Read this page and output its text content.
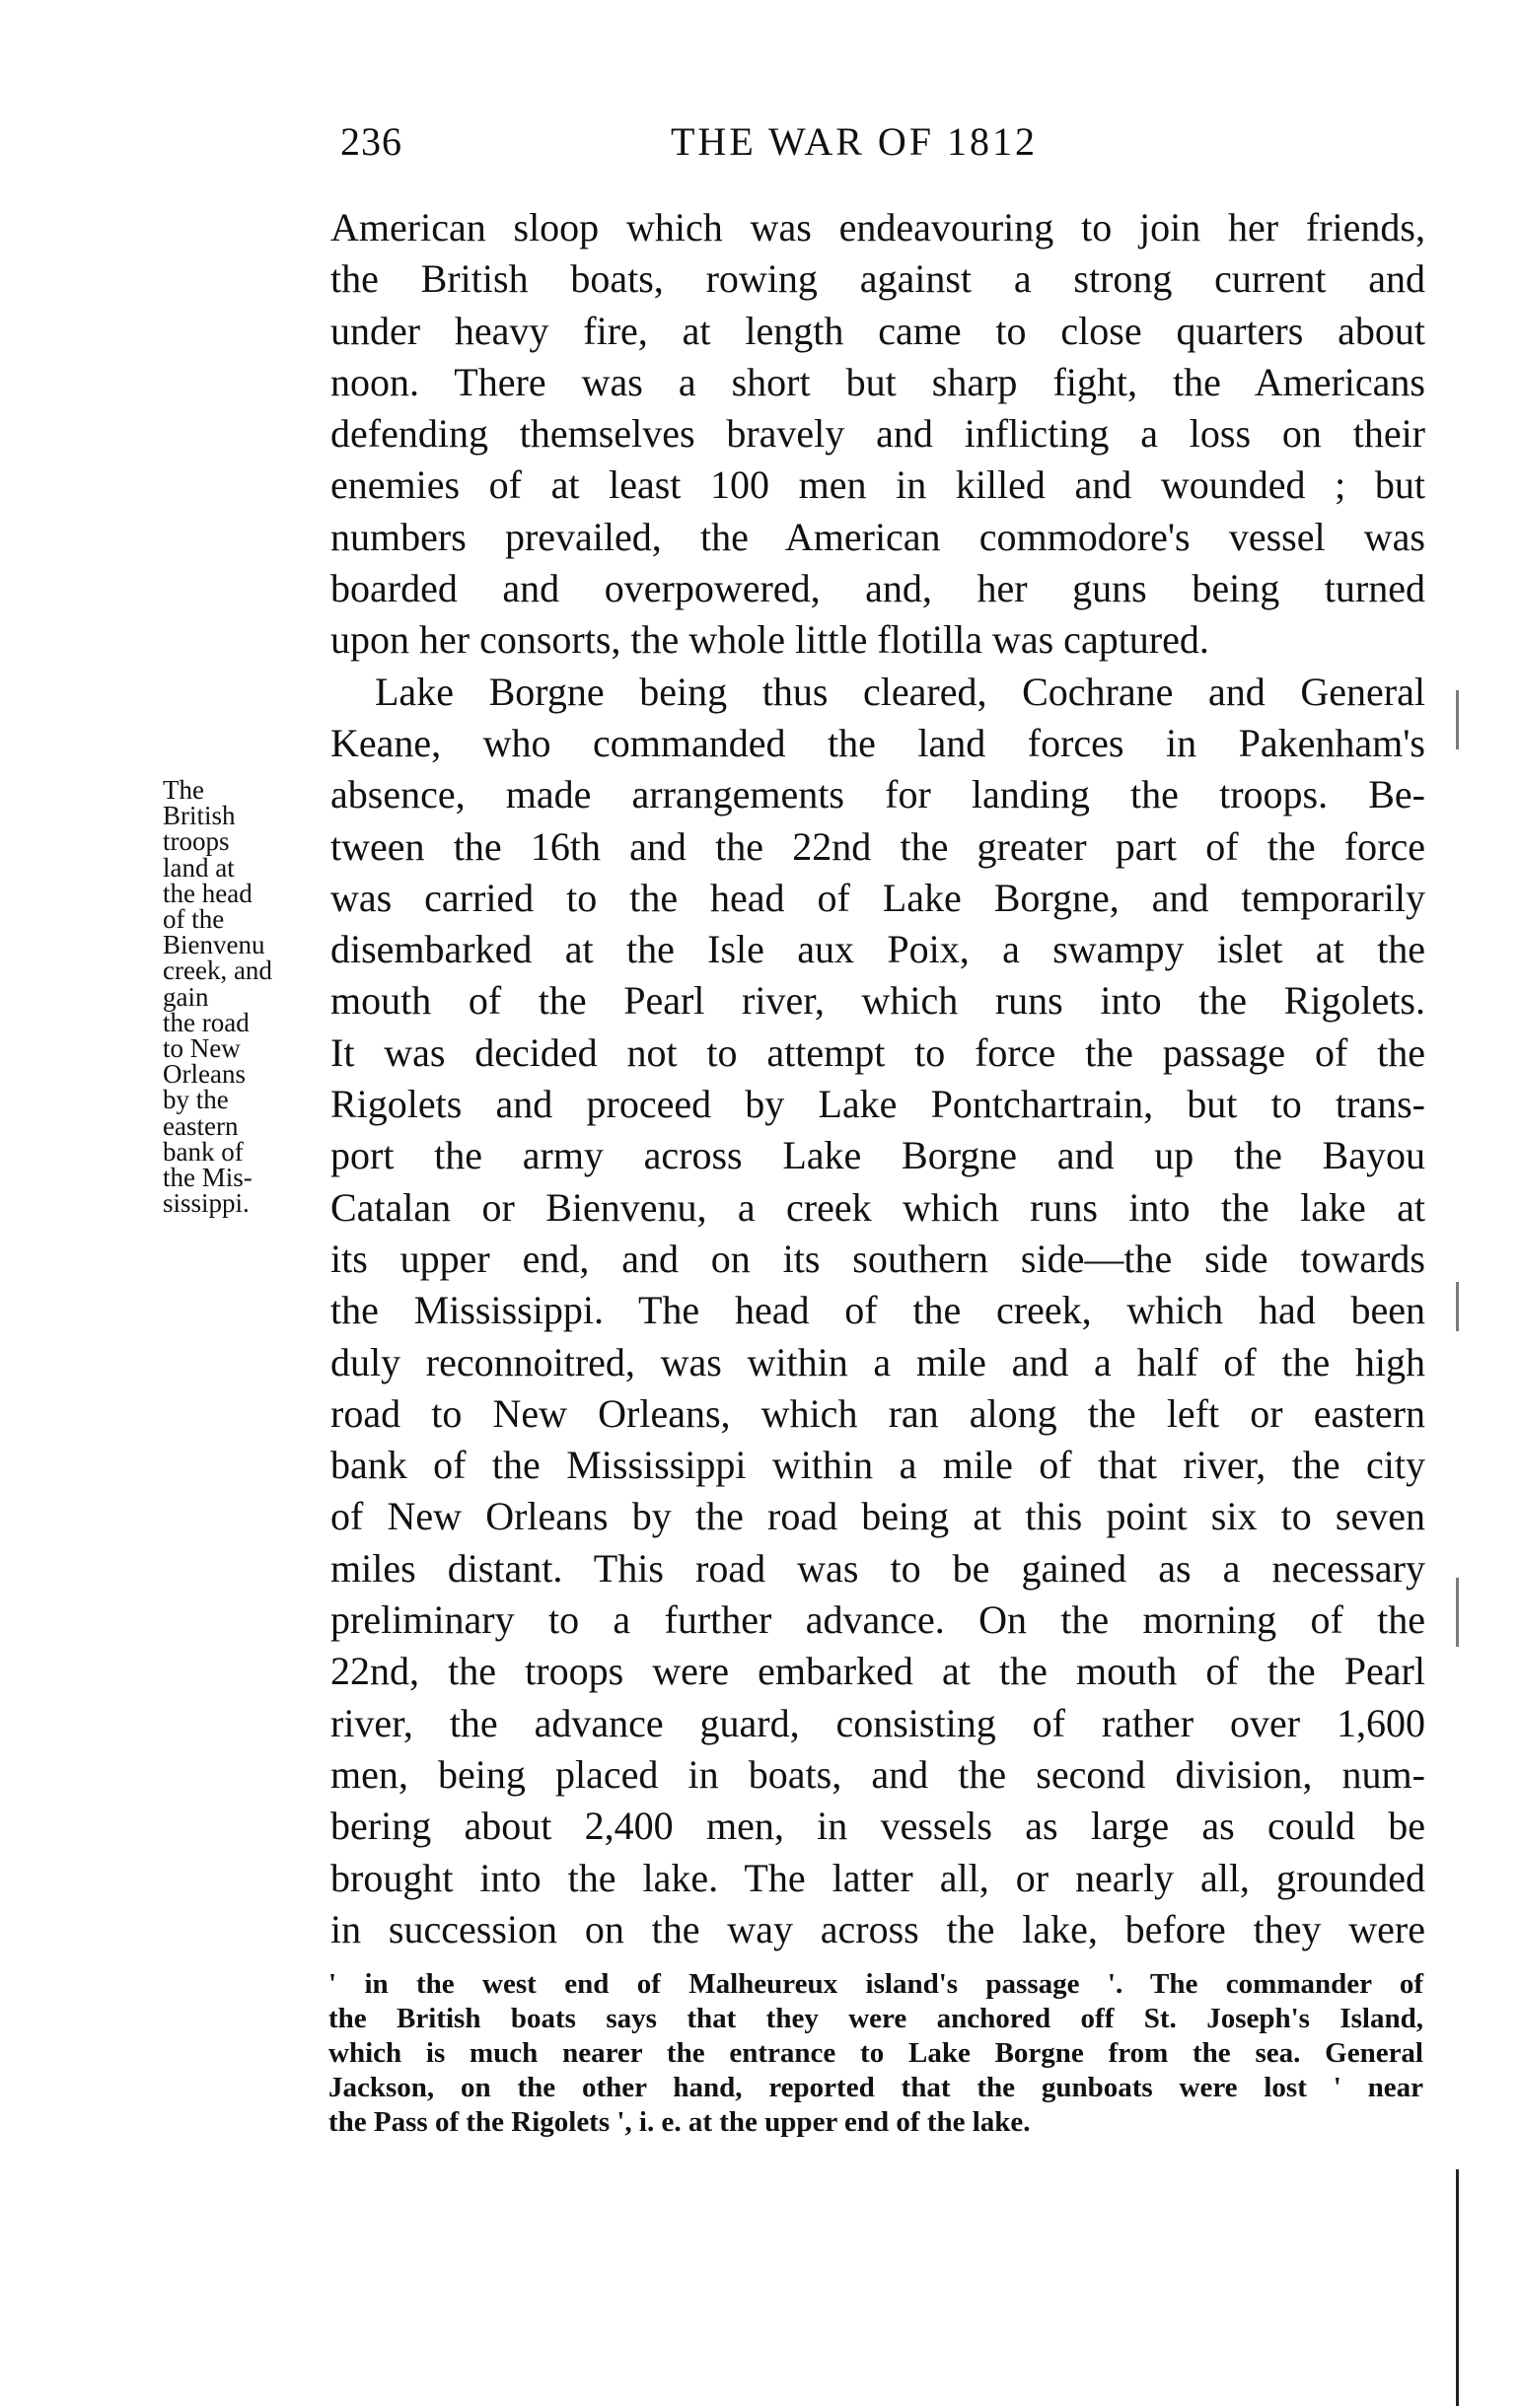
236	THE WAR OF 1812
The
British
troops
land at
the head
of the
Bienvenu
creek, and
gain
the road
to New
Orleans
by the
eastern
bank of
the Mis-
sissippi.
American sloop which was endeavouring to join her friends,
the British boats, rowing against a strong current and
under heavy fire, at length came to close quarters about
noon. There was a short but sharp fight, the Americans
defending themselves bravely and inflicting a loss on their
enemies of at least 100 men in killed and wounded ; but
numbers prevailed, the American commodore's vessel was
boarded and overpowered, and, her guns being turned
upon her consorts, the whole little flotilla was captured.
Lake Borgne being thus cleared, Cochrane and General
Keane, who commanded the land forces in Pakenham's
absence, made arrangements for landing the troops. Be-
tween the 16th and the 22nd the greater part of the force
was carried to the head of Lake Borgne, and temporarily
disembarked at the Isle aux Poix, a swampy islet at the
mouth of the Pearl river, which runs into the Rigolets.
It was decided not to attempt to force the passage of the
Rigolets and proceed by Lake Pontchartrain, but to trans-
port the army across Lake Borgne and up the Bayou
Catalan or Bienvenu, a creek which runs into the lake at
its upper end, and on its southern side—the side towards
the Mississippi. The head of the creek, which had been
duly reconnoitred, was within a mile and a half of the high
road to New Orleans, which ran along the left or eastern
bank of the Mississippi within a mile of that river, the city
of New Orleans by the road being at this point six to seven
miles distant. This road was to be gained as a necessary
preliminary to a further advance. On the morning of the
22nd, the troops were embarked at the mouth of the Pearl
river, the advance guard, consisting of rather over 1,600
men, being placed in boats, and the second division, num-
bering about 2,400 men, in vessels as large as could be
brought into the lake. The latter all, or nearly all, grounded
in succession on the way across the lake, before they were
' in the west end of Malheureux island's passage '. The commander of
the British boats says that they were anchored off St. Joseph's Island,
which is much nearer the entrance to Lake Borgne from the sea. General
Jackson, on the other hand, reported that the gunboats were lost ' near
the Pass of the Rigolets ', i. e. at the upper end of the lake.
